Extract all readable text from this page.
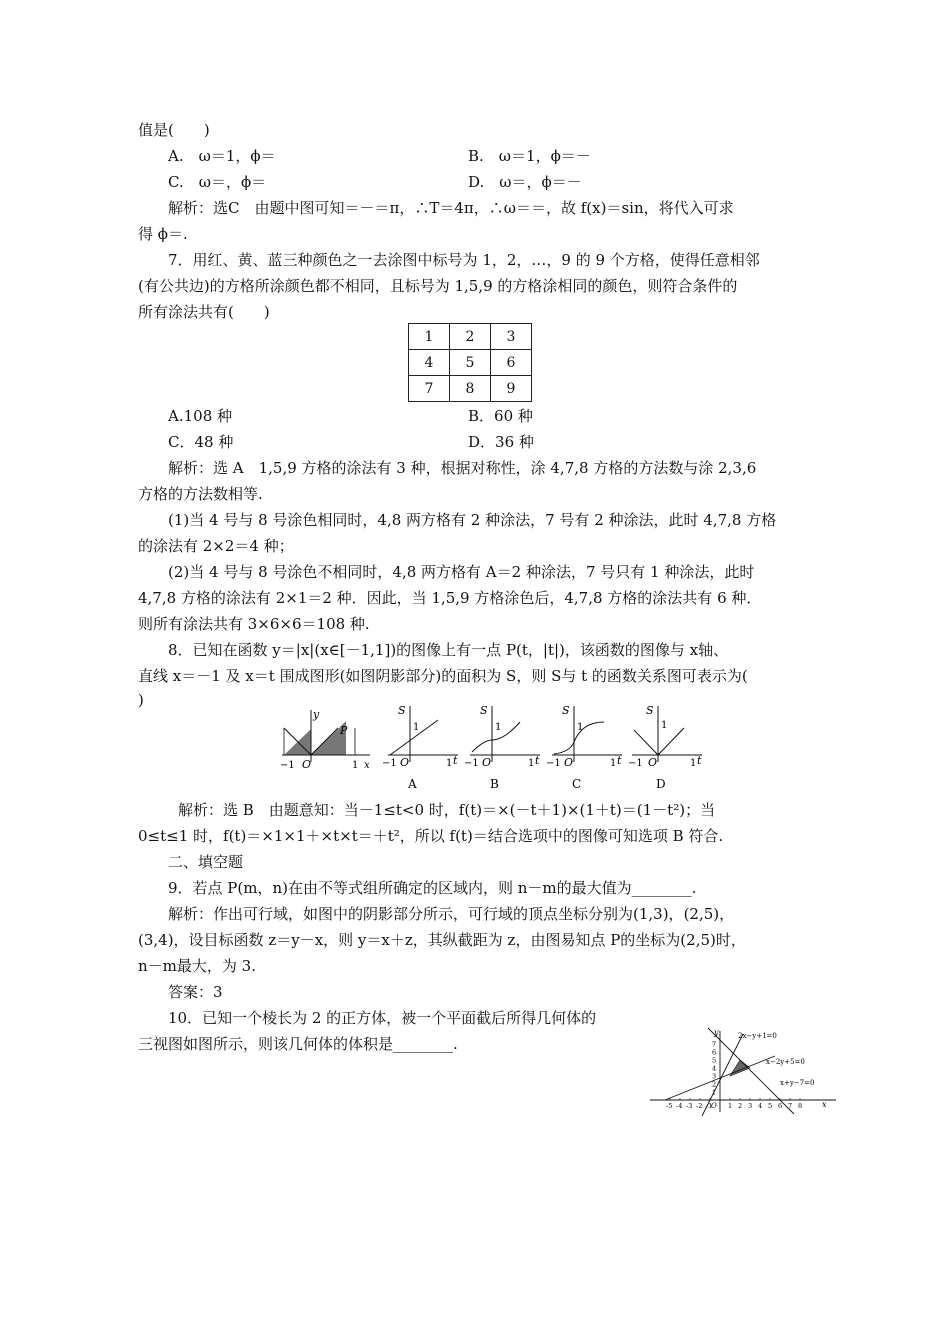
值是(　　)
A.　ω＝1，ϕ＝	B.　ω＝1，ϕ＝－
C.　ω＝，ϕ＝	D.　ω＝，ϕ＝－
解析：选C　由题中图可知＝－＝π，∴T＝4π，∴ω＝＝，故 f(x)＝sin，将代入可求
得 ϕ＝.
7．用红、黄、蓝三种颜色之一去涂图中标号为 1，2，…，9 的 9 个方格，使得任意相邻
(有公共边)的方格所涂颜色都不相同，且标号为 1,5,9 的方格涂相同的颜色，则符合条件的
所有涂法共有(　　)
1	2	3
4	5	6
7	8	9
A.108 种	B．60 种
C．48 种	D．36 种
解析：选 A　1,5,9 方格的涂法有 3 种，根据对称性，涂 4,7,8 方格的方法数与涂 2,3,6
方格的方法数相等.
(1)当 4 号与 8 号涂色相同时，4,8 两方格有 2 种涂法，7 号有 2 种涂法，此时 4,7,8 方格
的涂法有 2×2＝4 种；
(2)当 4 号与 8 号涂色不相同时，4,8 两方格有 A＝2 种涂法，7 号只有 1 种涂法，此时
4,7,8 方格的涂法有 2×1＝2 种．因此，当 1,5,9 方格涂色后，4,7,8 方格的涂法共有 6 种．
则所有涂法共有 3×6×6＝108 种.
8．已知在函数 y＝|x|(x∈[－1,1])的图像上有一点 P(t，|t|)，该函数的图像与 x轴、
直线 x＝－1 及 x＝t 围成图形(如图阴影部分)的面积为 S，则 S与 t 的函数关系图可表示为(
)
y
P
−1 O	1 x
S
1
−1 O	1 t
A
S
1
−1 O	1 t
B
S
1
−1 O	1 t
C
S
1
−1 O	1 t
D
解析：选 B　由题意知：当－1≤t<0 时，f(t)＝×(－t＋1)×(1＋t)＝(1－t²)；当
0≤t≤1 时，f(t)＝×1×1＋×t×t＝＋t²，所以 f(t)＝结合选项中的图像可知选项 B 符合.
二、填空题
9．若点 P(m，n)在由不等式组所确定的区域内，则 n－m的最大值为________.
解析：作出可行域，如图中的阴影部分所示，可行域的顶点坐标分别为(1,3)，(2,5)，
(3,4)，设目标函数 z＝y－x，则 y＝x＋z，其纵截距为 z，由图易知点 P的坐标为(2,5)时，
n－m最大，为 3.
答案：3
10．已知一个棱长为 2 的正方体，被一个平面截后所得几何体的
三视图如图所示，则该几何体的体积是________.	2x−y+1=0
x−2y+5=0
x+y−7=0
y
x
O
-5 -4 -3 -2 -1 1 2 3 4 5 6 7 8
1
2
3
4
5
6
7
